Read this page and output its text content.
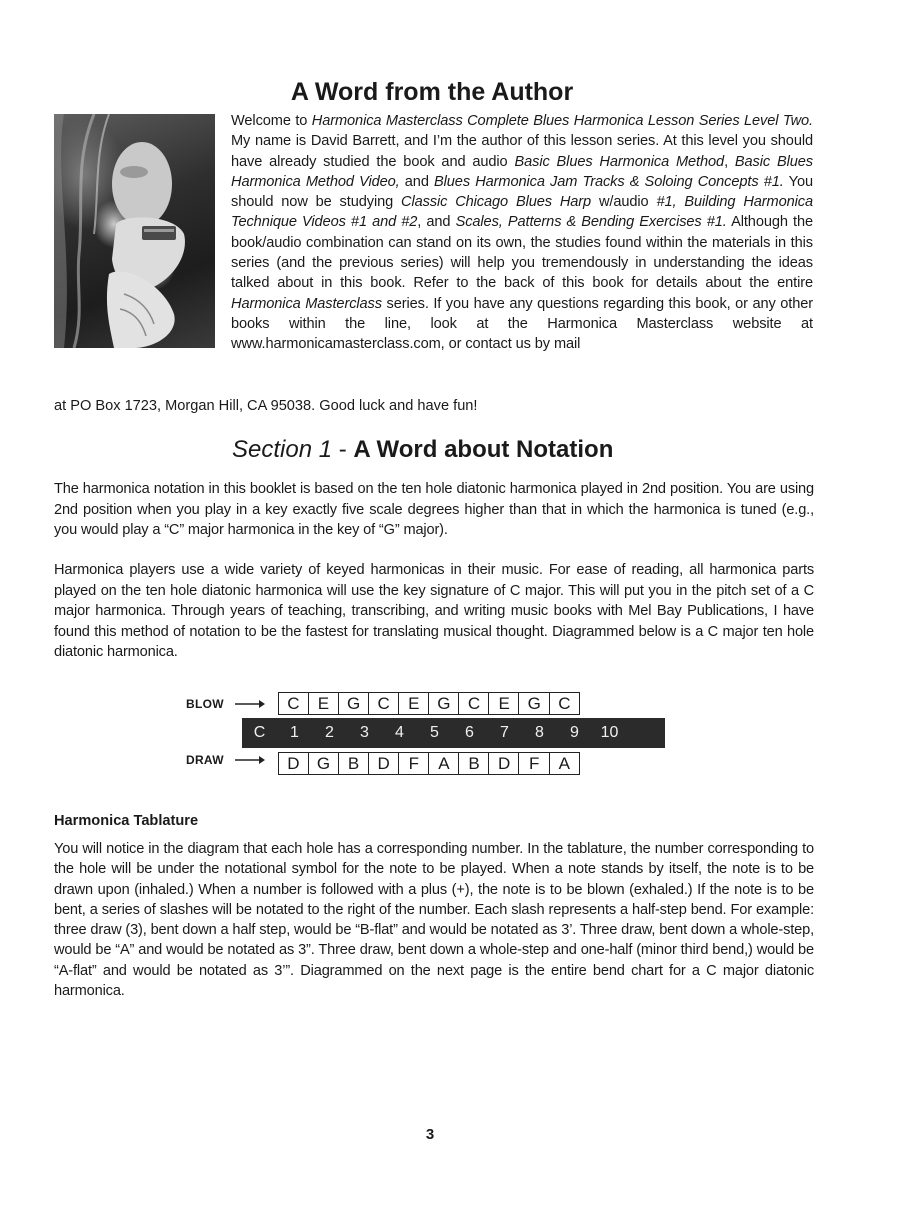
A Word from the Author

Welcome to Harmonica Masterclass Complete Blues Harmonica Lesson Series Level Two. My name is David Barrett, and I’m the author of this lesson series. At this level you should have already studied the book and audio Basic Blues Harmonica Method, Basic Blues Harmonica Method Video, and Blues Harmonica Jam Tracks & Soloing Concepts #1. You should now be studying Classic Chicago Blues Harp w/audio #1, Building Harmonica Technique Videos #1 and #2, and Scales, Patterns & Bending Exercises #1. Although the book/audio combination can stand on its own, the studies found within the materials in this series (and the previous series) will help you tremendously in understanding the ideas talked about in this book. Refer to the back of this book for details about the entire Harmonica Masterclass series. If you have any questions regarding this book, or any other books within the line, look at the Harmonica Masterclass website at www.harmonicamasterclass.com, or contact us by mail

at PO Box 1723, Morgan Hill, CA 95038. Good luck and have fun!

Section 1 - A Word about Notation

The harmonica notation in this booklet is based on the ten hole diatonic harmonica played in 2nd position. You are using 2nd position when you play in a key exactly five scale degrees higher than that in which the harmonica is tuned (e.g., you would play a “C” major harmonica in the key of “G” major).

Harmonica players use a wide variety of keyed harmonicas in their music. For ease of reading, all harmonica parts played on the ten hole diatonic harmonica will use the key signature of C major. This will put you in the pitch set of a C major harmonica. Through years of teaching, transcribing, and writing music books with Mel Bay Publications, I have found this method of notation to be the fastest for translating musical thought. Diagrammed below is a C major ten hole diatonic harmonica.

BLOW	C	E	G	C	E	G	C	E	G	C
C	1	2	3	4	5	6	7	8	9	10
DRAW	D	G	B	D	F	A	B	D	F	A
Harmonica Tablature

You will notice in the diagram that each hole has a corresponding number. In the tablature, the number corresponding to the hole will be under the notational symbol for the note to be played. When a note stands by itself, the note is to be drawn upon (inhaled.) When a number is followed with a plus (+), the note is to be blown (exhaled.) If the note is to be bent, a series of slashes will be notated to the right of the number. Each slash represents a half-step bend. For example: three draw (3), bent down a half step, would be “B-flat” and would be notated as 3’. Three draw, bent down a whole-step, would be “A” and would be notated as 3”. Three draw, bent down a whole-step and one-half (minor third bend,) would be “A-flat” and would be notated as 3’”. Diagrammed on the next page is the entire bend chart for a C major diatonic harmonica.

3
